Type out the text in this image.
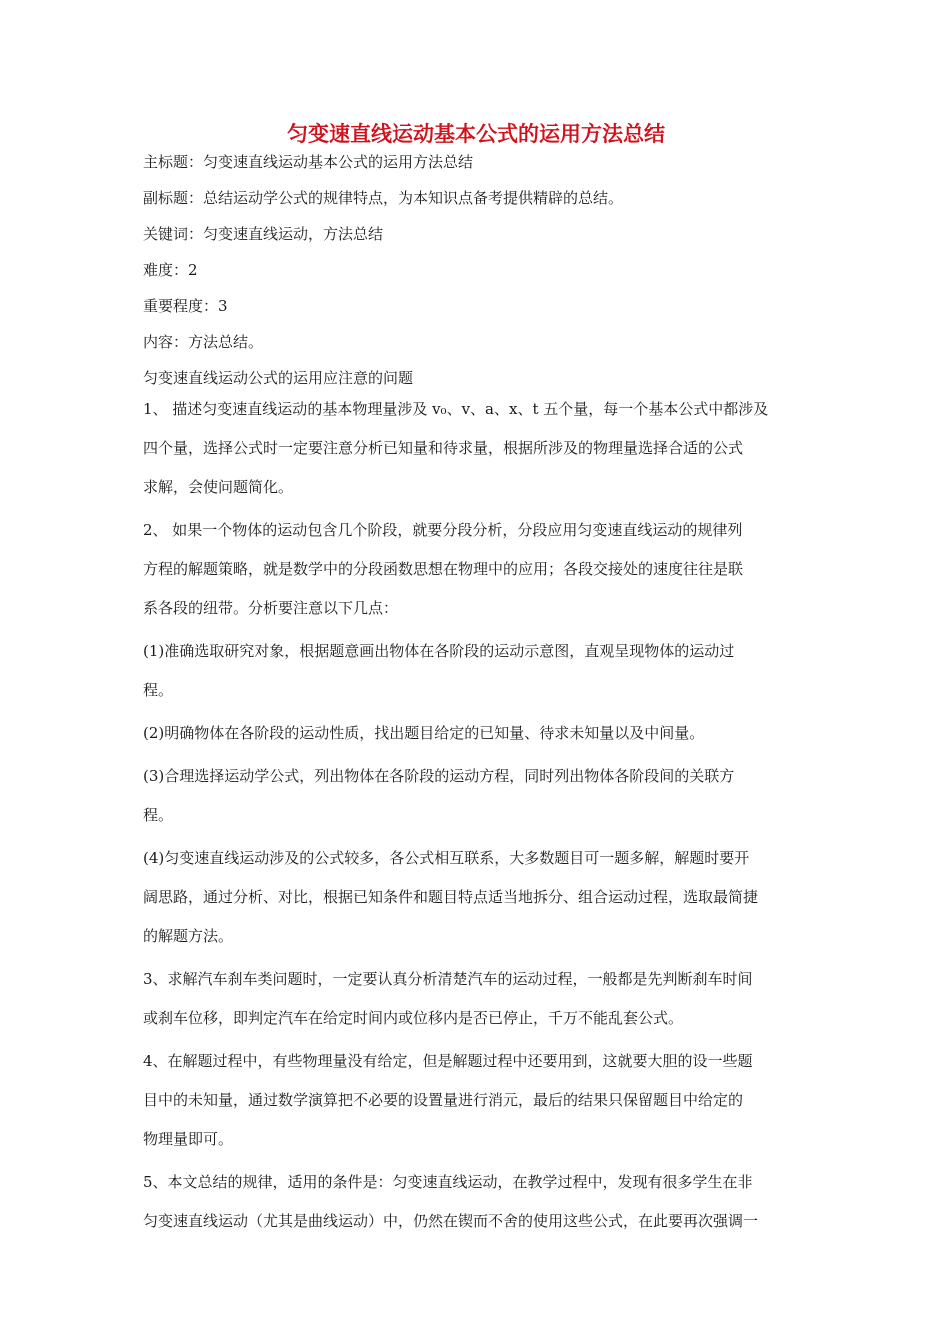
匀变速直线运动基本公式的运用方法总结

主标题：匀变速直线运动基本公式的运用方法总结

副标题：总结运动学公式的规律特点，为本知识点备考提供精辟的总结。

关键词：匀变速直线运动，方法总结

难度：2

重要程度：3

内容：方法总结。

匀变速直线运动公式的运用应注意的问题

1、 描述匀变速直线运动的基本物理量涉及 v₀、v、a、x、t 五个量，每一个基本公式中都涉及
四个量，选择公式时一定要注意分析已知量和待求量，根据所涉及的物理量选择合适的公式
求解，会使问题简化。
2、 如果一个物体的运动包含几个阶段，就要分段分析，分段应用匀变速直线运动的规律列
方程的解题策略，就是数学中的分段函数思想在物理中的应用；各段交接处的速度往往是联
系各段的纽带。分析要注意以下几点：
(1)准确选取研究对象，根据题意画出物体在各阶段的运动示意图，直观呈现物体的运动过
程。
(2)明确物体在各阶段的运动性质，找出题目给定的已知量、待求未知量以及中间量。
(3)合理选择运动学公式，列出物体在各阶段的运动方程，同时列出物体各阶段间的关联方
程。
(4)匀变速直线运动涉及的公式较多，各公式相互联系，大多数题目可一题多解，解题时要开
阔思路，通过分析、对比，根据已知条件和题目特点适当地拆分、组合运动过程，选取最简捷
的解题方法。
3、求解汽车刹车类问题时，一定要认真分析清楚汽车的运动过程，一般都是先判断刹车时间
或刹车位移，即判定汽车在给定时间内或位移内是否已停止，千万不能乱套公式。
4、在解题过程中，有些物理量没有给定，但是解题过程中还要用到，这就要大胆的设一些题
目中的未知量，通过数学演算把不必要的设置量进行消元，最后的结果只保留题目中给定的
物理量即可。
5、本文总结的规律，适用的条件是：匀变速直线运动，在教学过程中，发现有很多学生在非
匀变速直线运动（尤其是曲线运动）中，仍然在锲而不舍的使用这些公式，在此要再次强调一
